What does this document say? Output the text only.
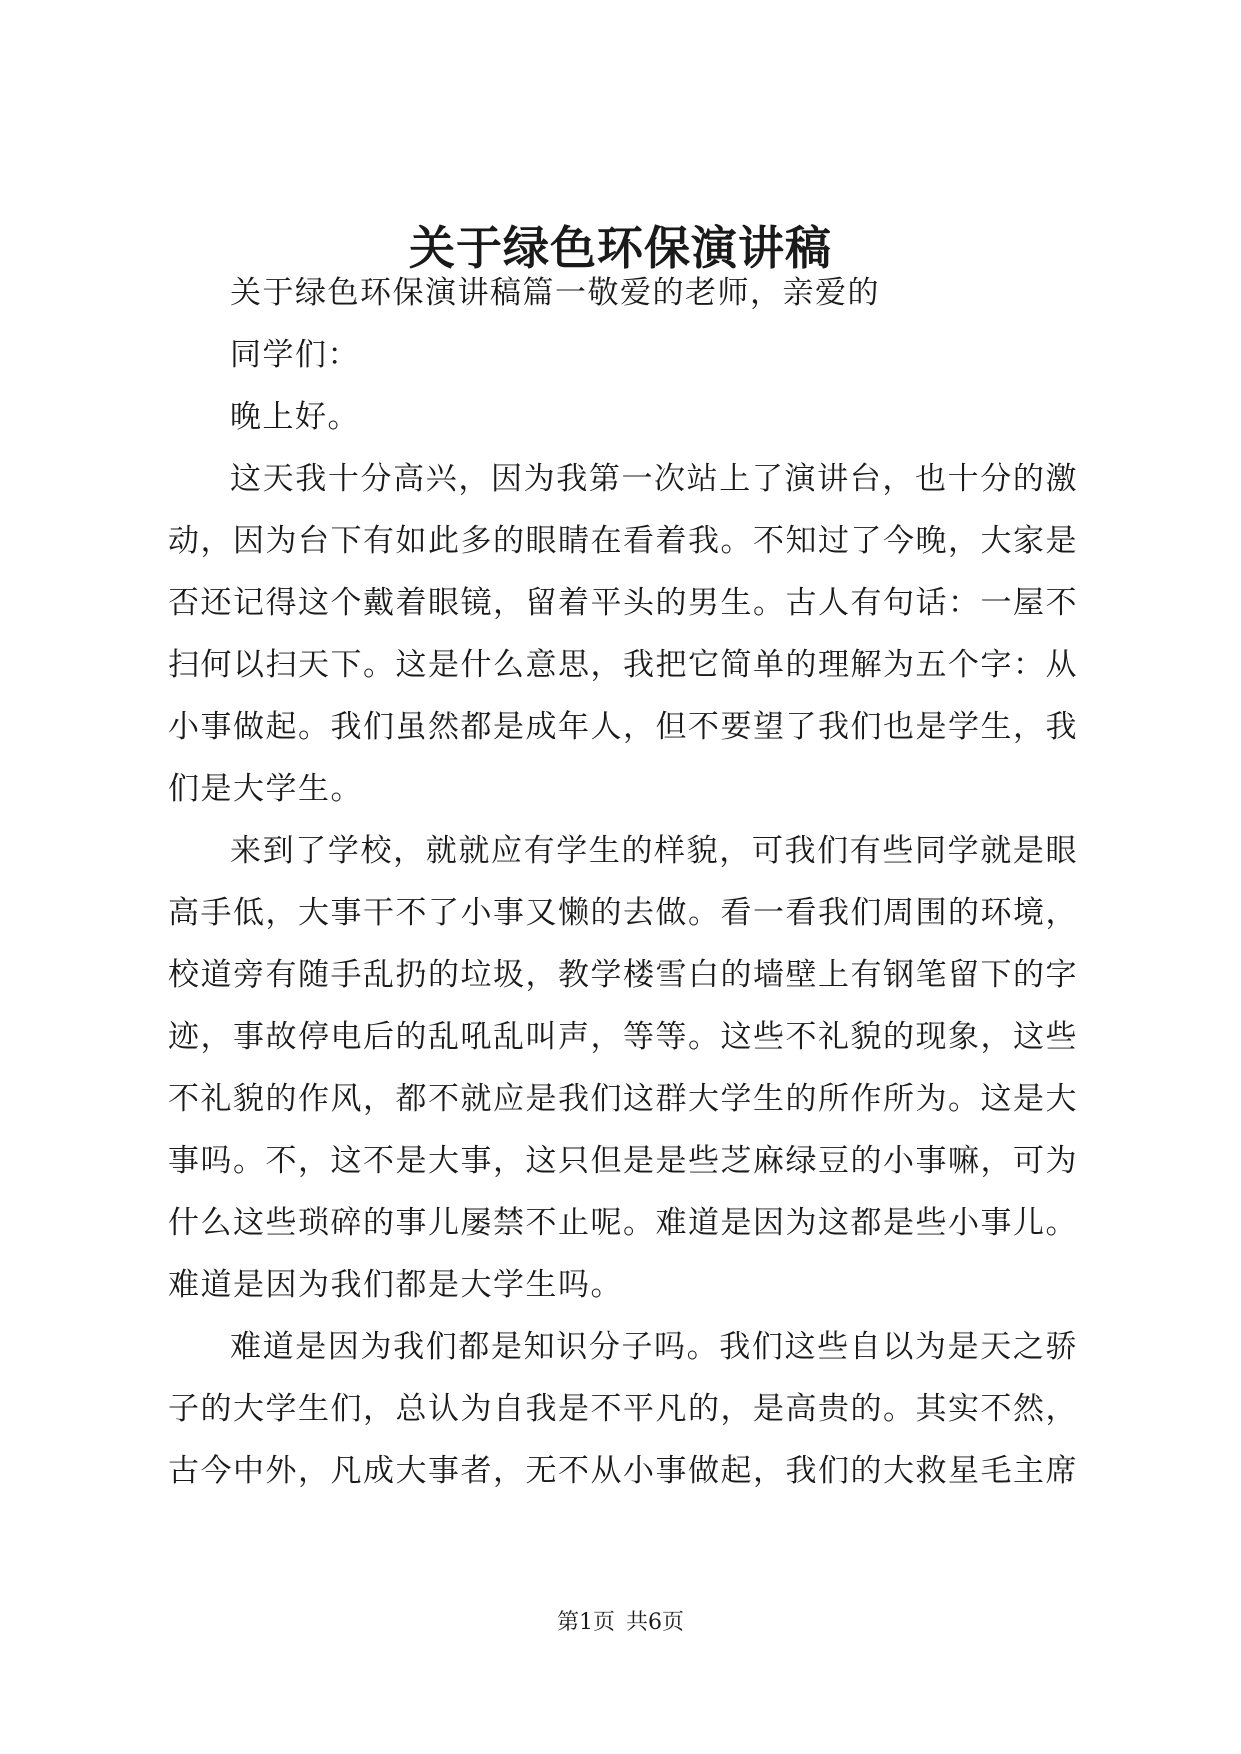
关于绿色环保演讲稿

关于绿色环保演讲稿篇一敬爱的老师，亲爱的

同学们：

晚上好。

这天我十分高兴，因为我第一次站上了演讲台，也十分的激动，因为台下有如此多的眼睛在看着我。不知过了今晚，大家是否还记得这个戴着眼镜，留着平头的男生。古人有句话：一屋不扫何以扫天下。这是什么意思，我把它简单的理解为五个字：从小事做起。我们虽然都是成年人，但不要望了我们也是学生，我们是大学生。

来到了学校，就就应有学生的样貌，可我们有些同学就是眼高手低，大事干不了小事又懒的去做。看一看我们周围的环境，校道旁有随手乱扔的垃圾，教学楼雪白的墙壁上有钢笔留下的字迹，事故停电后的乱吼乱叫声，等等。这些不礼貌的现象，这些不礼貌的作风，都不就应是我们这群大学生的所作所为。这是大事吗。不，这不是大事，这只但是是些芝麻绿豆的小事嘛，可为什么这些琐碎的事儿屡禁不止呢。难道是因为这都是些小事儿。难道是因为我们都是大学生吗。

难道是因为我们都是知识分子吗。我们这些自以为是天之骄子的大学生们，总认为自我是不平凡的，是高贵的。其实不然，古今中外，凡成大事者，无不从小事做起，我们的大救星毛主席

第1页 共6页
